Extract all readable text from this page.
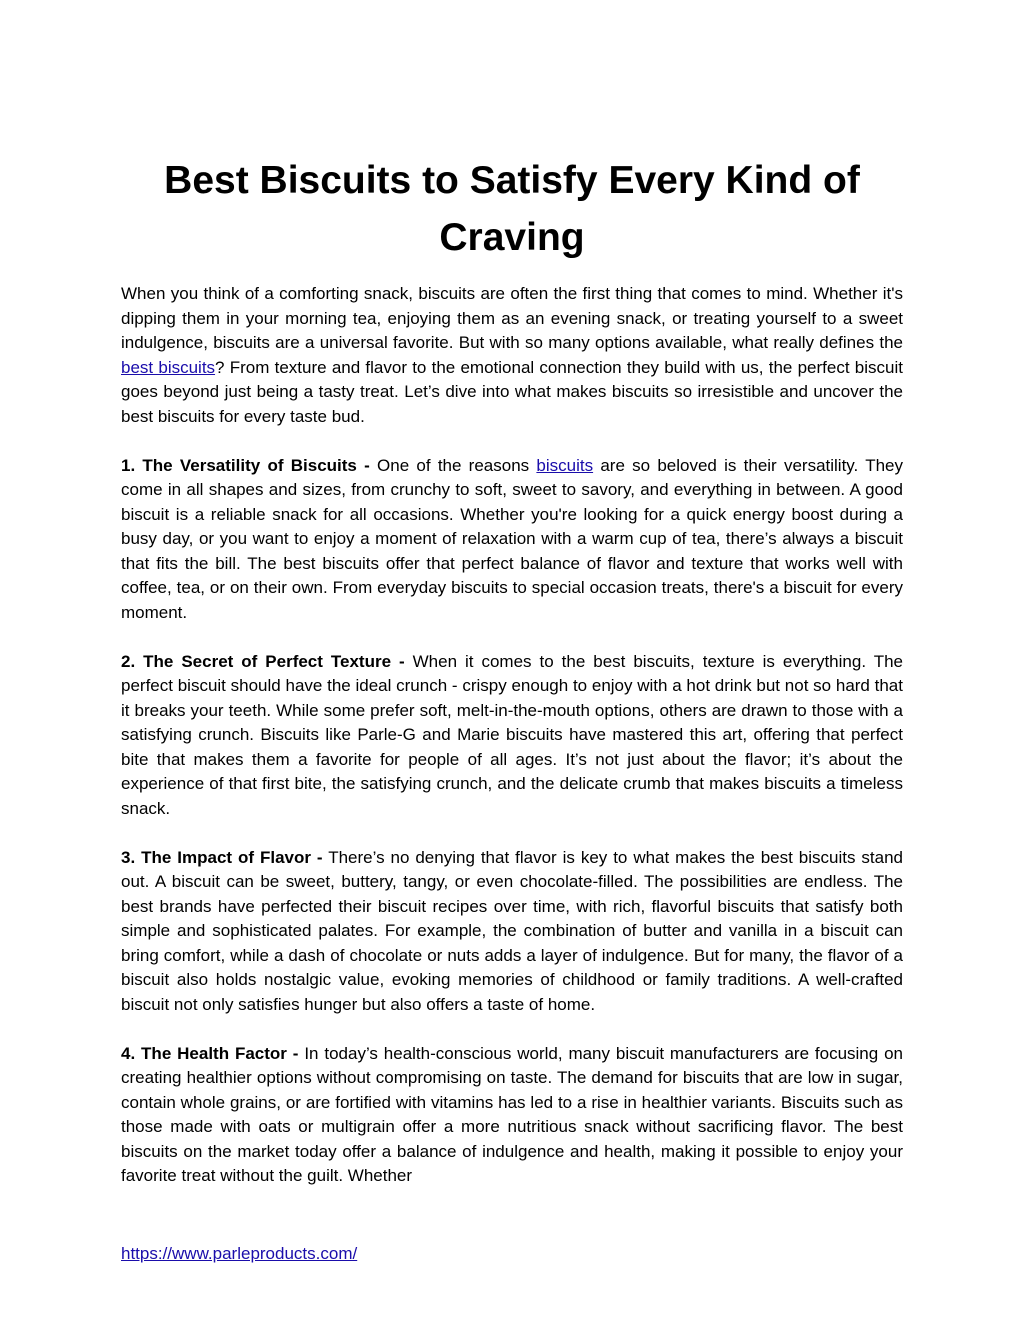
Best Biscuits to Satisfy Every Kind of Craving

When you think of a comforting snack, biscuits are often the first thing that comes to mind. Whether it's dipping them in your morning tea, enjoying them as an evening snack, or treating yourself to a sweet indulgence, biscuits are a universal favorite. But with so many options available, what really defines the best biscuits? From texture and flavor to the emotional connection they build with us, the perfect biscuit goes beyond just being a tasty treat. Let’s dive into what makes biscuits so irresistible and uncover the best biscuits for every taste bud.

1. The Versatility of Biscuits - One of the reasons biscuits are so beloved is their versatility. They come in all shapes and sizes, from crunchy to soft, sweet to savory, and everything in between. A good biscuit is a reliable snack for all occasions. Whether you're looking for a quick energy boost during a busy day, or you want to enjoy a moment of relaxation with a warm cup of tea, there’s always a biscuit that fits the bill. The best biscuits offer that perfect balance of flavor and texture that works well with coffee, tea, or on their own. From everyday biscuits to special occasion treats, there's a biscuit for every moment.

2. The Secret of Perfect Texture - When it comes to the best biscuits, texture is everything. The perfect biscuit should have the ideal crunch - crispy enough to enjoy with a hot drink but not so hard that it breaks your teeth. While some prefer soft, melt-in-the-mouth options, others are drawn to those with a satisfying crunch. Biscuits like Parle-G and Marie biscuits have mastered this art, offering that perfect bite that makes them a favorite for people of all ages. It’s not just about the flavor; it’s about the experience of that first bite, the satisfying crunch, and the delicate crumb that makes biscuits a timeless snack.

3. The Impact of Flavor - There’s no denying that flavor is key to what makes the best biscuits stand out. A biscuit can be sweet, buttery, tangy, or even chocolate-filled. The possibilities are endless. The best brands have perfected their biscuit recipes over time, with rich, flavorful biscuits that satisfy both simple and sophisticated palates. For example, the combination of butter and vanilla in a biscuit can bring comfort, while a dash of chocolate or nuts adds a layer of indulgence. But for many, the flavor of a biscuit also holds nostalgic value, evoking memories of childhood or family traditions. A well-crafted biscuit not only satisfies hunger but also offers a taste of home.

4. The Health Factor - In today’s health-conscious world, many biscuit manufacturers are focusing on creating healthier options without compromising on taste. The demand for biscuits that are low in sugar, contain whole grains, or are fortified with vitamins has led to a rise in healthier variants. Biscuits such as those made with oats or multigrain offer a more nutritious snack without sacrificing flavor. The best biscuits on the market today offer a balance of indulgence and health, making it possible to enjoy your favorite treat without the guilt. Whether

https://www.parleproducts.com/
